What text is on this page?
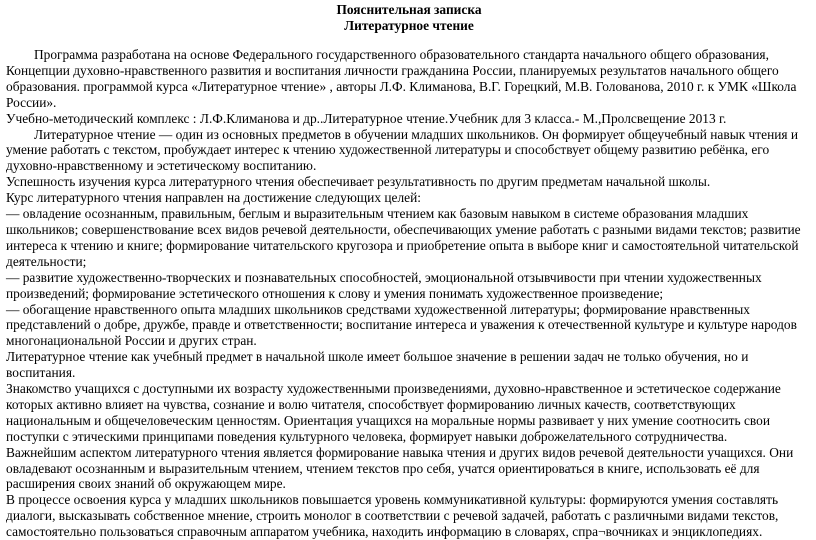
Пояснительная записка

Литературное чтение

Программа разработана на основе Федерального государственного образовательного стандарта начального общего образования, Концепции духовно-нравственного развития и воспитания личности гражданина России, планируемых результатов начального общего образования. программой курса «Литературное чтение» , авторы Л.Ф. Климанова, В.Г. Горецкий, М.В. Голованова, 2010 г. к УМК «Школа России».

Учебно-методический комплекс : Л.Ф.Климанова и др..Литературное чтение.Учебник для 3 класса.- М.,Пролсвещение 2013 г.

Литературное чтение — один из основных предметов в обучении младших школьников. Он формирует общеучебный навык чтения и умение работать с текстом, пробуждает интерес к чтению художественной литературы и способствует общему развитию ребёнка, его духовно-нравственному и эстетическому воспитанию.

Успешность изучения курса литературного чтения обеспечивает результативность по другим предметам начальной школы.

Курс литературного чтения направлен на достижение следующих целей:

— овладение осознанным, правильным, беглым и выразительным чтением как базовым навыком в системе образования младших школьников; совершенствование всех видов речевой деятельности, обеспечивающих умение работать с разными видами текстов; развитие интереса к чтению и книге; формирование читательского кругозора и приобретение опыта в выборе книг и самостоятельной читательской деятельности;

— развитие художественно-творческих и познавательных способностей, эмоциональной отзывчивости при чтении художественных произведений; формирование эстетического отношения к слову и умения понимать художественное произведение;

— обогащение нравственного опыта младших школьников средствами художественной литературы; формирование нравственных представлений о добре, дружбе, правде и ответственности; воспитание интереса и уважения к отечественной культуре и культуре народов многонациональной России и других стран.

Литературное чтение как учебный предмет в начальной школе имеет большое значение в решении задач не только обучения, но и воспитания.

Знакомство учащихся с доступными их возрасту художественными произведениями, духовно-нравственное и эстетическое содержание которых активно влияет на чувства, сознание и волю читателя, способствует формированию личных качеств, соответствующих национальным и общечеловеческим ценностям. Ориентация учащихся на моральные нормы развивает у них умение соотносить свои поступки с этическими принципами поведения культурного человека, формирует навыки доброжелательного сотрудничества.

Важнейшим аспектом литературного чтения является формирование навыка чтения и других видов речевой деятельности учащихся. Они овладевают осознанным и выразительным чтением, чтением текстов про себя, учатся ориентироваться в книге, использовать её для расширения своих знаний об окружающем мире.

В процессе освоения курса у младших школьников повышается уровень коммуникативной культуры: формируются умения составлять диалоги, высказывать собственное мнение, строить монолог в соответствии с речевой задачей, работать с различными видами текстов, самостоятельно пользоваться справочным аппаратом учебника, находить информацию в словарях, спра¬вочниках и энциклопедиях.
